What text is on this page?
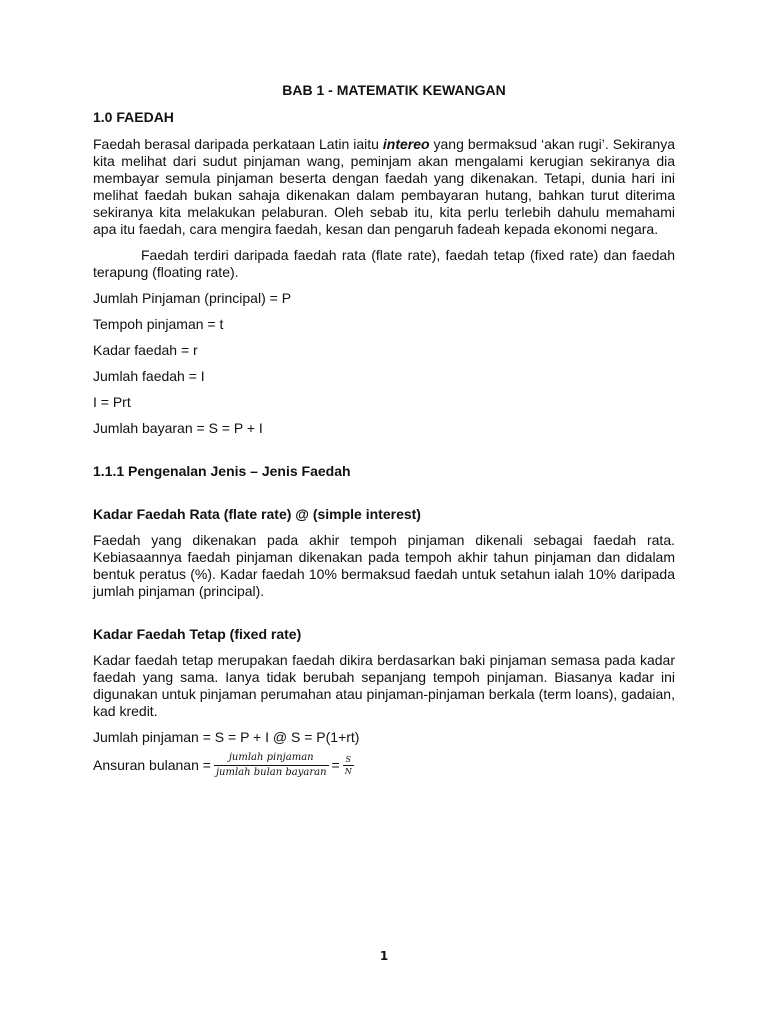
BAB 1 - MATEMATIK KEWANGAN
1.0 FAEDAH

Faedah berasal daripada perkataan Latin iaitu intereo yang bermaksud ‘akan rugi’. Sekiranya kita melihat dari sudut pinjaman wang, peminjam akan mengalami kerugian sekiranya dia membayar semula pinjaman beserta dengan faedah yang dikenakan. Tetapi, dunia hari ini melihat faedah bukan sahaja dikenakan dalam pembayaran hutang, bahkan turut diterima sekiranya kita melakukan pelaburan. Oleh sebab itu, kita perlu terlebih dahulu memahami apa itu faedah, cara mengira faedah, kesan dan pengaruh fadeah kepada ekonomi negara.

Faedah terdiri daripada faedah rata (flate rate), faedah tetap (fixed rate) dan faedah terapung (floating rate).

Jumlah Pinjaman (principal) = P

Tempoh pinjaman = t

Kadar faedah = r

Jumlah faedah = I

I = Prt

Jumlah bayaran = S = P + I

1.1.1 Pengenalan Jenis – Jenis Faedah
Kadar Faedah Rata (flate rate) @ (simple interest)

Faedah yang dikenakan pada akhir tempoh pinjaman dikenali sebagai faedah rata. Kebiasaannya faedah pinjaman dikenakan pada tempoh akhir tahun pinjaman dan didalam bentuk peratus (%). Kadar faedah 10% bermaksud faedah untuk setahun ialah 10% daripada jumlah pinjaman (principal).

Kadar Faedah Tetap (fixed rate)

Kadar faedah tetap merupakan faedah dikira berdasarkan baki pinjaman semasa pada kadar faedah yang sama. Ianya tidak berubah sepanjang tempoh pinjaman. Biasanya kadar ini digunakan untuk pinjaman perumahan atau pinjaman-pinjaman berkala (term loans), gadaian, kad kredit.

Jumlah pinjaman = S = P + I @ S = P(1+rt)

Ansuran bulanan = $\frac{\text{jumlah pinjaman}}{\text{jumlah bulan bayaran}} = \frac{S}{N}$
1
